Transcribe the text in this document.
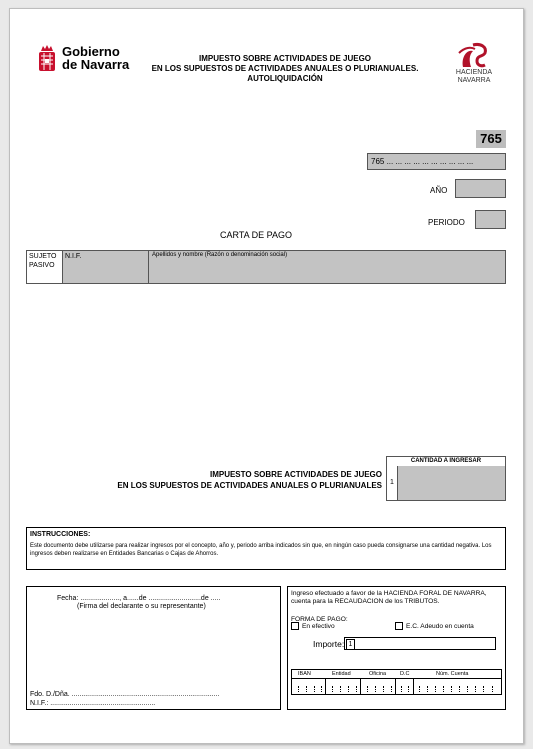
Gobierno
de Navarra	IMPUESTO SOBRE ACTIVIDADES DE JUEGO
EN LOS SUPUESTOS DE ACTIVIDADES ANUALES O PLURIANUALES.
AUTOLIQUIDACIÓN
HACIENDA
NAVARRA
765
765 ... ... ... ... ... ... ... ... ... ...
AÑO
PERIODO
CARTA DE PAGO
SUJETO
PASIVO
N.I.F.	Apellidos y nombre (Razón o denominación social)
IMPUESTO SOBRE ACTIVIDADES DE JUEGO
EN LOS SUPUESTOS DE ACTIVIDADES ANUALES O PLURIANUALES
CANTIDAD A INGRESAR
1
INSTRUCCIONES:
Este documento debe utilizarse para realizar ingresos por el concepto, año y, periodo arriba indicados sin que, en ningún caso pueda consignarse una cantidad negativa. Los ingresos deben realizarse en Entidades Bancarias o Cajas de Ahorros.
Fecha: ...................., a......de ...........................de .....
(Firma del declarante o su representante)
Fdo. D./Dña. ............................................................................
N.I.F.: ......................................................
Ingreso efectuado a favor de la HACIENDA FORAL DE NAVARRA,
cuenta para la RECAUDACION de los TRIBUTOS.
FORMA DE PAGO:
En efectivo	E.C. Adeudo en cuenta
Importe: 1
IBAN	Entidad	Oficina	D.C	Núm. Cuenta
